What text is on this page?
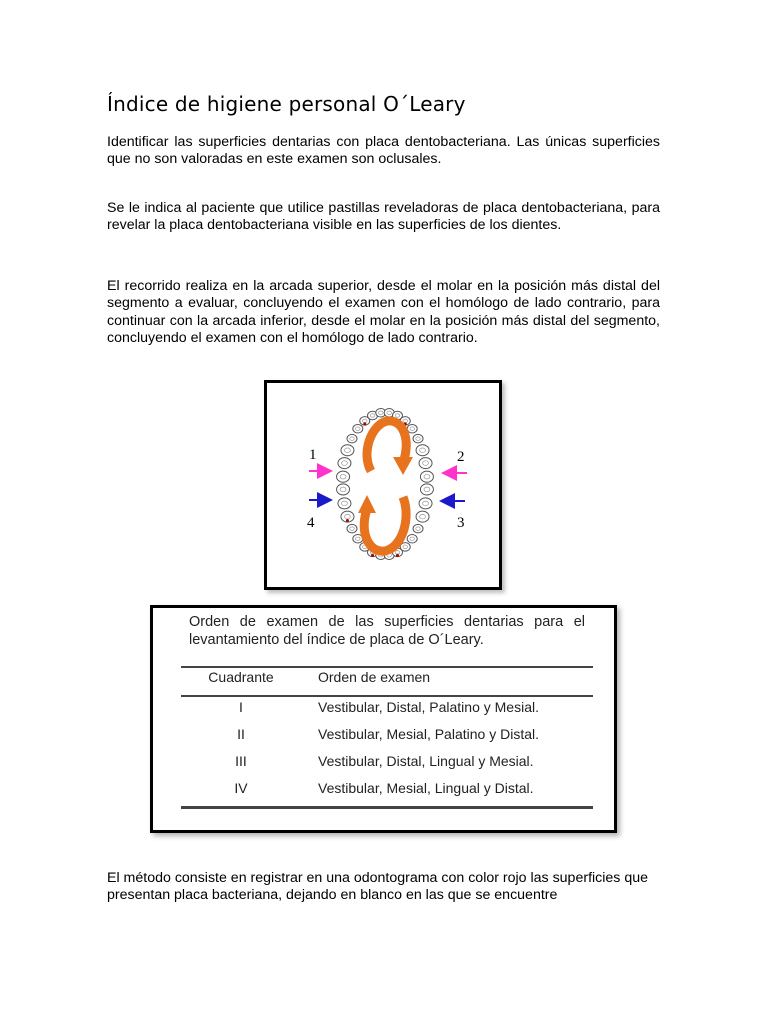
Índice de higiene personal O´Leary
Identificar las superficies dentarias con placa dentobacteriana. Las únicas superficies que no son valoradas en este examen son oclusales.
Se le indica al paciente que utilice pastillas reveladoras de placa dentobacteriana, para revelar la placa dentobacteriana visible en las superficies de los dientes.
El recorrido realiza en la arcada superior, desde el molar en la posición más distal del segmento a evaluar, concluyendo el examen con el homólogo de lado contrario, para continuar con la arcada inferior, desde el molar en la posición más distal del segmento, concluyendo el examen con el homólogo de lado contrario.
1	2
3
4
Orden de examen de las superficies dentarias para el levantamiento del índice de placa de O´Leary.
Cuadrante	Orden de examen
I	Vestibular, Distal, Palatino y Mesial.
II	Vestibular, Mesial, Palatino y Distal.
III	Vestibular, Distal, Lingual y Mesial.
IV	Vestibular, Mesial, Lingual y Distal.
El método consiste en registrar en una odontograma con color rojo las superficies que presentan placa bacteriana, dejando en blanco en las que se encuentre
